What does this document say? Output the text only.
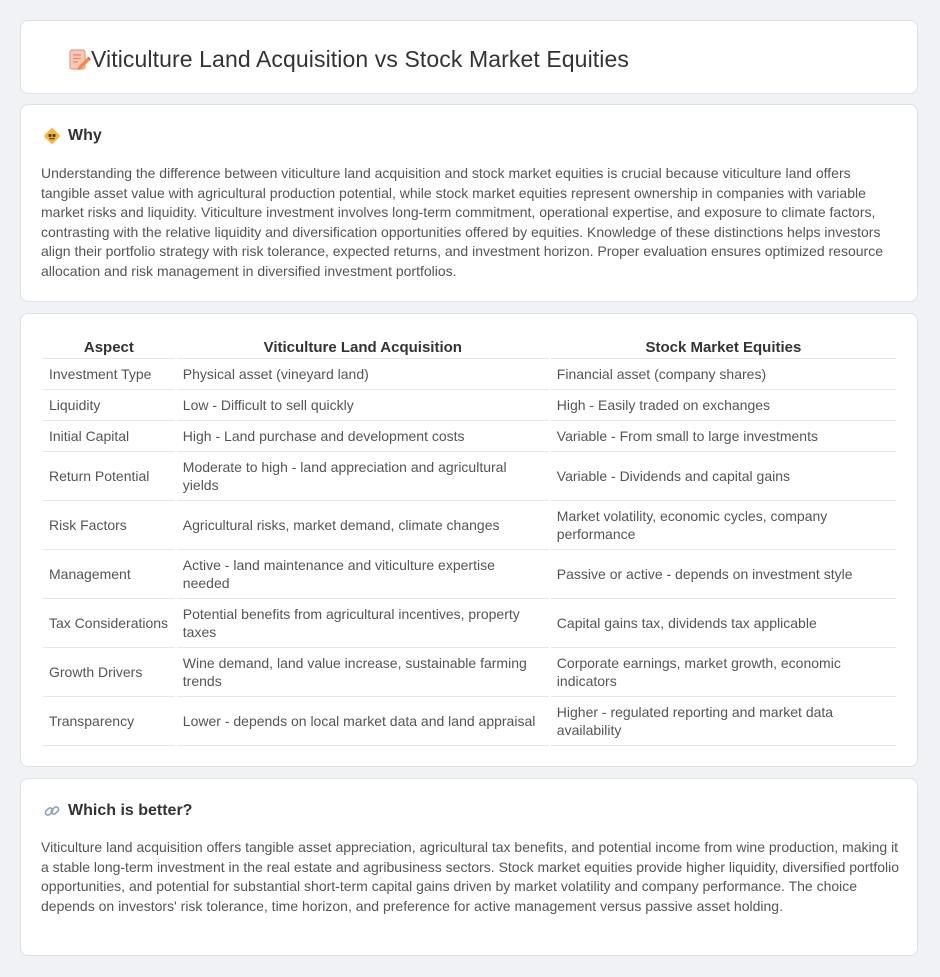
Viticulture Land Acquisition vs Stock Market Equities
Why

Understanding the difference between viticulture land acquisition and stock market equities is crucial because viticulture land offers tangible asset value with agricultural production potential, while stock market equities represent ownership in companies with variable market risks and liquidity. Viticulture investment involves long-term commitment, operational expertise, and exposure to climate factors, contrasting with the relative liquidity and diversification opportunities offered by equities. Knowledge of these distinctions helps investors align their portfolio strategy with risk tolerance, expected returns, and investment horizon. Proper evaluation ensures optimized resource allocation and risk management in diversified investment portfolios.

Aspect	Viticulture Land Acquisition	Stock Market Equities
Investment Type	Physical asset (vineyard land)	Financial asset (company shares)
Liquidity	Low - Difficult to sell quickly	High - Easily traded on exchanges
Initial Capital	High - Land purchase and development costs	Variable - From small to large investments
Return Potential	Moderate to high - land appreciation and agricultural yields	Variable - Dividends and capital gains
Risk Factors	Agricultural risks, market demand, climate changes	Market volatility, economic cycles, company performance
Management	Active - land maintenance and viticulture expertise needed	Passive or active - depends on investment style
Tax Considerations	Potential benefits from agricultural incentives, property taxes	Capital gains tax, dividends tax applicable
Growth Drivers	Wine demand, land value increase, sustainable farming trends	Corporate earnings, market growth, economic indicators
Transparency	Lower - depends on local market data and land appraisal	Higher - regulated reporting and market data availability
Which is better?

Viticulture land acquisition offers tangible asset appreciation, agricultural tax benefits, and potential income from wine production, making it a stable long-term investment in the real estate and agribusiness sectors. Stock market equities provide higher liquidity, diversified portfolio opportunities, and potential for substantial short-term capital gains driven by market volatility and company performance. The choice depends on investors' risk tolerance, time horizon, and preference for active management versus passive asset holding.
